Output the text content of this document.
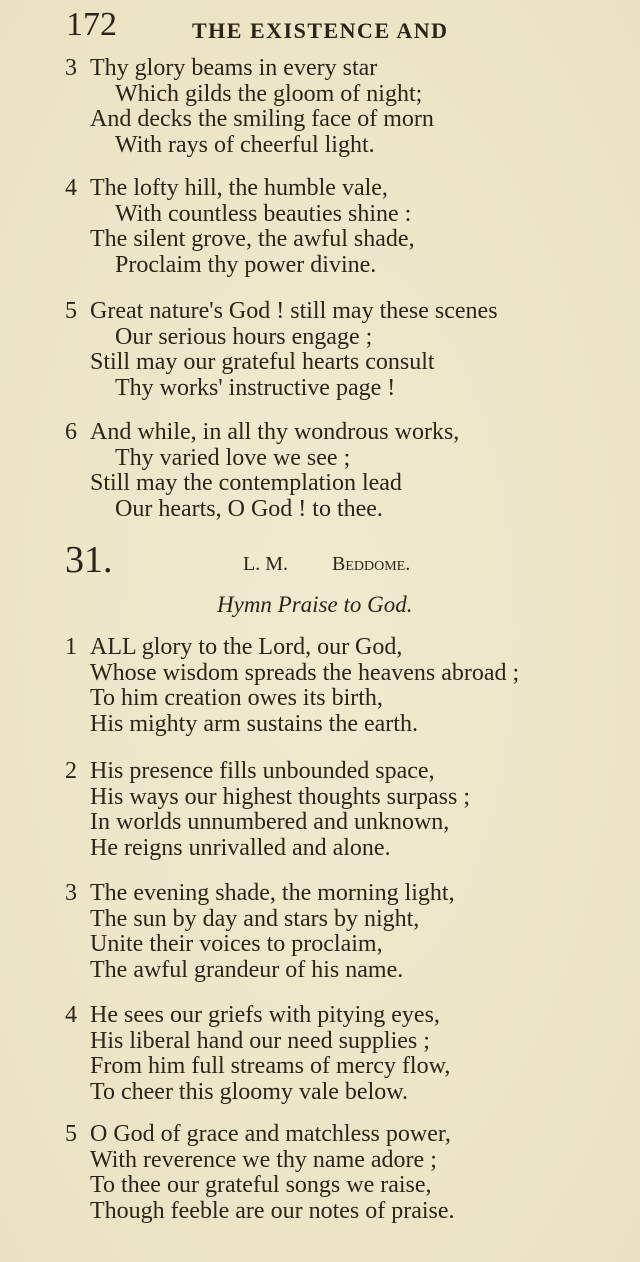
172	THE EXISTENCE AND
3 Thy glory beams in every star
Which gilds the gloom of night;
And decks the smiling face of morn
With rays of cheerful light.
4 The lofty hill, the humble vale,
With countless beauties shine :
The silent grove, the awful shade,
Proclaim thy power divine.
5 Great nature's God ! still may these scenes
Our serious hours engage ;
Still may our grateful hearts consult
Thy works' instructive page !
6 And while, in all thy wondrous works,
Thy varied love we see ;
Still may the contemplation lead
Our hearts, O God ! to thee.
31.	L. M. Beddome.
Hymn Praise to God.
1 ALL glory to the Lord, our God,
Whose wisdom spreads the heavens abroad ;
To him creation owes its birth,
His mighty arm sustains the earth.
2 His presence fills unbounded space,
His ways our highest thoughts surpass ;
In worlds unnumbered and unknown,
He reigns unrivalled and alone.
3 The evening shade, the morning light,
The sun by day and stars by night,
Unite their voices to proclaim,
The awful grandeur of his name.
4 He sees our griefs with pitying eyes,
His liberal hand our need supplies ;
From him full streams of mercy flow,
To cheer this gloomy vale below.
5 O God of grace and matchless power,
With reverence we thy name adore ;
To thee our grateful songs we raise,
Though feeble are our notes of praise.
